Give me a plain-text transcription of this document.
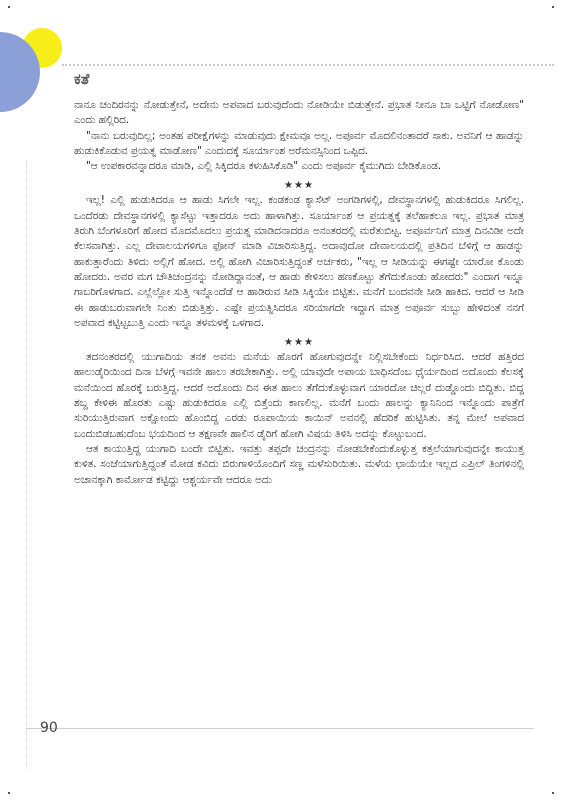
ಕತೆ

ನಾನೂ ಚಂದಿರನನ್ನು ನೋಡುತ್ತೇನೆ, ಅದೇನು ಅಪವಾದ ಬರುವುದೆಂದು ನೋಡಿಯೇ ಬಿಡುತ್ತೇನೆ. ಪ್ರಭಾತ ನೀನೂ ಬಾ ಒಟ್ಟಿಗೆ ನೋಡೋಣ" ಎಂದು ಹಲ್ಲಿರಿದ.

"ನಾನು ಬರುವುದಿಲ್ಲ; ಅಂತಹ ಪರೀಕ್ಷೆಗಳನ್ನು ಮಾಡುವುದು ಕ್ಷೇಮವೂ ಅಲ್ಲ. ಅಪೂರ್ವ ಮೊದಲಿನಂತಾದರೆ ಸಾಕು. ಅವನಿಗೆ ಆ ಹಾಡನ್ನು ಹುಡುಕಿಕೊಡುವ ಪ್ರಯತ್ನ ಮಾಡೋಣ" ಎಂದುದಕ್ಕೆ ಸೂರ್ಯಾಂಶ ಅರೆಮನಸ್ಸಿನಿಂದ ಒಪ್ಪಿದ.

"ಆ ಉಪಕಾರವನ್ನಾದರೂ ಮಾಡಿ, ಎಲ್ಲಿ ಸಿಕ್ಕಿದರೂ ಕಳುಹಿಸಿಕೊಡಿ" ಎಂದು ಅಪೂರ್ವ ಕೈಮುಗಿದು ಬೇಡಿಕೊಂಡ.

★★★

ಇಲ್ಲ! ಎಲ್ಲಿ ಹುಡುಕಿದರೂ ಆ ಹಾಡು ಸಿಗಲೇ ಇಲ್ಲ. ಕಂಡಕಂಡ ಕ್ಯಾಸೆಟ್ ಅಂಗಡಿಗಳಲ್ಲಿ, ದೇವಸ್ಥಾನಗಳಲ್ಲಿ ಹುಡುಕಿದರೂ ಸಿಗಲಿಲ್ಲ. ಒಂದೆರಡು ದೇವಸ್ಥಾನಗಳಲ್ಲಿ ಕ್ಯಾಸೆಟ್ಟು ಇತ್ತಾದರೂ ಅದು ಹಾಳಾಗಿತ್ತು. ಸೂರ್ಯಾಂಶ ಆ ಪ್ರಯತ್ನಕ್ಕೆ ತಲೆಹಾಕಲೂ ಇಲ್ಲ. ಪ್ರಭಾತ ಮಾತ್ರ ತಿರುಗಿ ಬೆಂಗಳೂರಿಗೆ ಹೋದ ಮೊದಮೊದಲು ಪ್ರಯತ್ನ ಮಾಡಿದನಾದರೂ ಅನಂತರದಲ್ಲಿ ಮರೆತುಬಿಟ್ಟ. ಅಪೂರ್ವನಿಗೆ ಮಾತ್ರ ದಿನವಿಡೀ ಅದೇ ಕೆಲಸವಾಗಿತ್ತು. ಎಲ್ಲ ದೇವಾಲಯಗಳಿಗೂ ಫೋನ್ ಮಾಡಿ ವಿಚಾರಿಸುತ್ತಿದ್ದ. ಅದಾವುದೋ ದೇವಾಲಯದಲ್ಲಿ ಪ್ರತಿದಿನ ಬೆಳಿಗ್ಗೆ ಆ ಹಾಡನ್ನು ಹಾಕುತ್ತಾರೆಂದು ತಿಳಿದು ಅಲ್ಲಿಗೆ ಹೋದ. ಅಲ್ಲಿ ಹೋಗಿ ವಿಚಾರಿಸುತ್ತಿದ್ದಂತೆ ಅರ್ಚಕರು, "ಇಲ್ಲ ಆ ಸೀಡಿಯನ್ನು ಈಗಷ್ಟೇ ಯಾರೋ ಕೊಂಡು ಹೋದರು. ಅವರ ಮಗ ಚೌತಿಚಂದ್ರನನ್ನು ನೋಡಿದ್ದಾನಂತೆ, ಆ ಹಾಡು ಕೇಳಿಸಲು ಹಣಕೊಟ್ಟು ತೆಗೆದುಕೊಂಡು ಹೋದರು" ಎಂದಾಗ ಇನ್ನೂ ಗಾಬರಿಗೊಳಗಾದ. ಎಲ್ಲೆಲ್ಲೋ ಸುತ್ತಿ ಇನ್ನೊಂದೆಡೆ ಆ ಹಾಡಿರುವ ಸೀಡಿ ಸಿಕ್ಕಿಯೇ ಬಿಟ್ಟಿತು. ಮನೆಗೆ ಬಂದವನೇ ಸೀಡಿ ಹಾಕಿದ. ಆದರೆ ಆ ಸೀಡಿ ಈ ಹಾಡುಬರುವಾಗಲೇ ನಿಂತು ಬಿಡುತ್ತಿತ್ತು. ಎಷ್ಟೇ ಪ್ರಯತ್ನಿಸಿದರೂ ಸರಿಯಾಗದೇ ಇದ್ದಾಗ ಮಾತ್ರ ಅಪೂರ್ವ ಸುಬ್ಬು ಹೇಳಿದಂತೆ ನನಗೆ ಅಪವಾದ ಕಟ್ಟಿಟ್ಟಬುತ್ತಿ ಎಂದು ಇನ್ನೂ ತಳಮಳಕ್ಕೆ ಒಳಗಾದ.

★★★

ತದನಂತರದಲ್ಲಿ ಯುಗಾದಿಯ ತನಕ ಅವನು ಮನೆಯ ಹೊರಗೆ ಹೋಗುವುದನ್ನೇ ನಿಲ್ಲಿಸಬೇಕೆಂದು ನಿರ್ಧರಿಸಿದ. ಆದರೆ ಹತ್ತಿರದ ಹಾಲುಡೈರಿಯಿಂದ ದಿನಾ ಬೆಳಗ್ಗೆ ಇವನೇ ಹಾಲು ತರಬೇಕಾಗಿತ್ತು. ಅಲ್ಲಿ ಯಾವುದೇ ಅಪಾಯ ಬಾಧಿಸದೆಂಬ ಧೈರ್ಯದಿಂದ ಅದೊಂದು ಕೆಲಸಕ್ಕೆ ಮನೆಯಿಂದ ಹೊರಕ್ಕೆ ಬರುತ್ತಿದ್ದ. ಆದರೆ ಅದೊಂದು ದಿನ ಈತ ಹಾಲು ತೆಗೆದುಕೊಳ್ಳುವಾಗ ಯಾರದೋ ಚಿಲ್ಲರೆ ದುಡ್ಡೊಂದು ಬಿದ್ದಿತು. ಬಿದ್ದ ಶಬ್ದ ಕೇಳಿಈ ಹೊರತು ಎಷ್ಟು ಹುಡುಕಿದರೂ ಎಲ್ಲಿ ಬಿತ್ತೆಂದು ಕಾಣಲಿಲ್ಲ. ಮನೆಗೆ ಬಂದು ಹಾಲನ್ನು ಕ್ಯಾನಿನಿಂದ ಇನ್ನೊಂದು ಪಾತ್ರೆಗೆ ಸುರಿಯುತ್ತಿರುವಾಗ ಅಕ್ಷೋಂದು ಹೊಂಬಿದ್ದ ಎರಡು ರೂಪಾಯಿಯ ಕಾಯಿನ್ ಅವನಲ್ಲಿ ಹೆದರಿಕೆ ಹುಟ್ಟಿಸಿತು. ತನ್ನ ಮೇಲೆ ಅಪವಾದ ಬಂದುಬಿಡಬಹುದೆಂಬ ಭಯದಿಂದ ಆ ತಕ್ಷಣವೇ ಹಾಲಿನ ಡೈರಿಗೆ ಹೋಗಿ ವಿಷಯ ತಿಳಿಸಿ ಅದನ್ನು ಕೊಟ್ಟುಬಂದ.

ಆತ ಕಾಯುತ್ತಿದ್ದ ಯುಗಾದಿ ಬಂದೇ ಬಿಟ್ಟಿತು. ಇವತ್ತು ತಪ್ಪದೇ ಚಂದ್ರನನ್ನು ನೋಡಬೇಕೆಂದುಕೊಳ್ಳುತ್ತ ಕತ್ತಲೆಯಾಗುವುದನ್ನೇ ಕಾಯುತ್ತ ಕುಳಿತ. ಸಂಜೆಯಾಗುತ್ತಿದ್ದಂತೆ ಮೋಡ ಕವಿದು ಬಿರುಗಾಳಿಯೊಂದಿಗೆ ಸಣ್ಣ ಮಳೆಸುರಿಯಿತು. ಮಳೆಯ ಛಾಯೆಯೇ ಇಲ್ಲದ ಎಪ್ರಿಲ್ ತಿಂಗಳಿನಲ್ಲಿ ಅಚಾನಕ್ಕಾಗಿ ಕಾರ್ಮೋಡ ಕಟ್ಟಿದ್ದು ಆಶ್ಚರ್ಯವೇ ಆದರೂ ಅದು

90
